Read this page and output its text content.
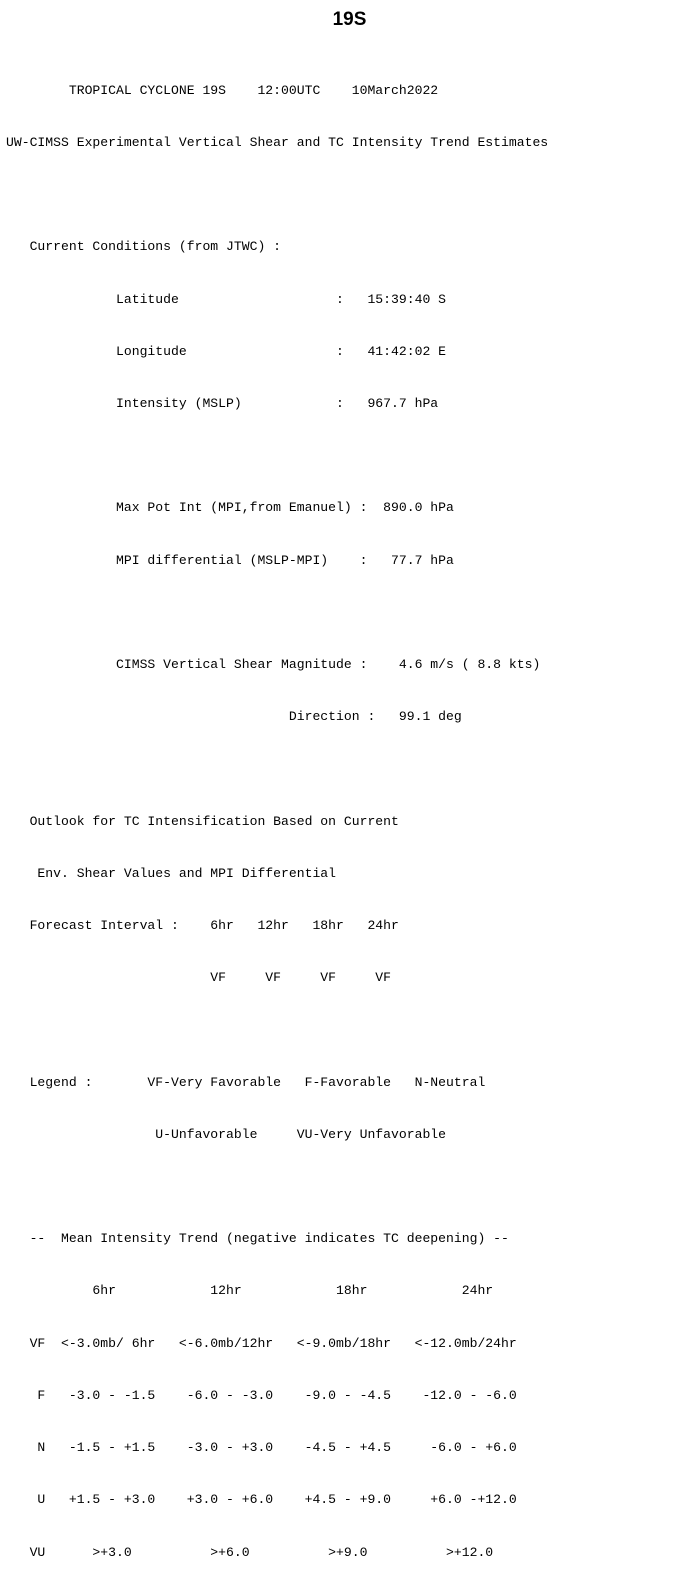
19S

TROPICAL CYCLONE 19S    12:00UTC    10March2022

UW-CIMSS Experimental Vertical Shear and TC Intensity Trend Estimates

Current Conditions (from JTWC) :

Latitude                    :   15:39:40 S

Longitude                   :   41:42:02 E

Intensity (MSLP)            :   967.7 hPa

Max Pot Int (MPI,from Emanuel) :  890.0 hPa

MPI differential (MSLP-MPI)    :   77.7 hPa

CIMSS Vertical Shear Magnitude :    4.6 m/s ( 8.8 kts)

Direction :   99.1 deg

Outlook for TC Intensification Based on Current

Env. Shear Values and MPI Differential

Forecast Interval :    6hr   12hr   18hr   24hr

VF     VF     VF     VF

Legend :       VF-Very Favorable   F-Favorable   N-Neutral

U-Unfavorable     VU-Very Unfavorable

--  Mean Intensity Trend (negative indicates TC deepening) --

6hr            12hr            18hr            24hr

VF  <-3.0mb/ 6hr   <-6.0mb/12hr   <-9.0mb/18hr   <-12.0mb/24hr

F   -3.0 - -1.5    -6.0 - -3.0    -9.0 - -4.5    -12.0 - -6.0

N   -1.5 - +1.5    -3.0 - +3.0    -4.5 - +4.5     -6.0 - +6.0

U   +1.5 - +3.0    +3.0 - +6.0    +4.5 - +9.0     +6.0 -+12.0

VU      >+3.0          >+6.0          >+9.0          >+12.0
